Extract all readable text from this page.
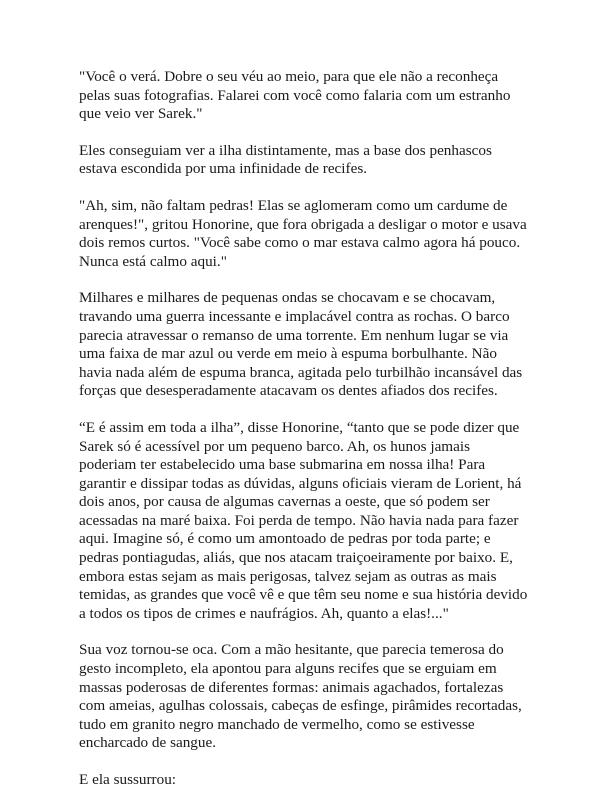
"Você o verá. Dobre o seu véu ao meio, para que ele não a reconheça pelas suas fotografias. Falarei com você como falaria com um estranho que veio ver Sarek."

Eles conseguiam ver a ilha distintamente, mas a base dos penhascos estava escondida por uma infinidade de recifes.

"Ah, sim, não faltam pedras! Elas se aglomeram como um cardume de arenques!", gritou Honorine, que fora obrigada a desligar o motor e usava dois remos curtos. "Você sabe como o mar estava calmo agora há pouco. Nunca está calmo aqui."

Milhares e milhares de pequenas ondas se chocavam e se chocavam, travando uma guerra incessante e implacável contra as rochas. O barco parecia atravessar o remanso de uma torrente. Em nenhum lugar se via uma faixa de mar azul ou verde em meio à espuma borbulhante. Não havia nada além de espuma branca, agitada pelo turbilhão incansável das forças que desesperadamente atacavam os dentes afiados dos recifes.

“E é assim em toda a ilha”, disse Honorine, “tanto que se pode dizer que Sarek só é acessível por um pequeno barco. Ah, os hunos jamais poderiam ter estabelecido uma base submarina em nossa ilha! Para garantir e dissipar todas as dúvidas, alguns oficiais vieram de Lorient, há dois anos, por causa de algumas cavernas a oeste, que só podem ser acessadas na maré baixa. Foi perda de tempo. Não havia nada para fazer aqui. Imagine só, é como um amontoado de pedras por toda parte; e pedras pontiagudas, aliás, que nos atacam traiçoeiramente por baixo. E, embora estas sejam as mais perigosas, talvez sejam as outras as mais temidas, as grandes que você vê e que têm seu nome e sua história devido a todos os tipos de crimes e naufrágios. Ah, quanto a elas!..."

Sua voz tornou-se oca. Com a mão hesitante, que parecia temerosa do gesto incompleto, ela apontou para alguns recifes que se erguiam em massas poderosas de diferentes formas: animais agachados, fortalezas com ameias, agulhas colossais, cabeças de esfinge, pirâmides recortadas, tudo em granito negro manchado de vermelho, como se estivesse encharcado de sangue.

E ela sussurrou:
